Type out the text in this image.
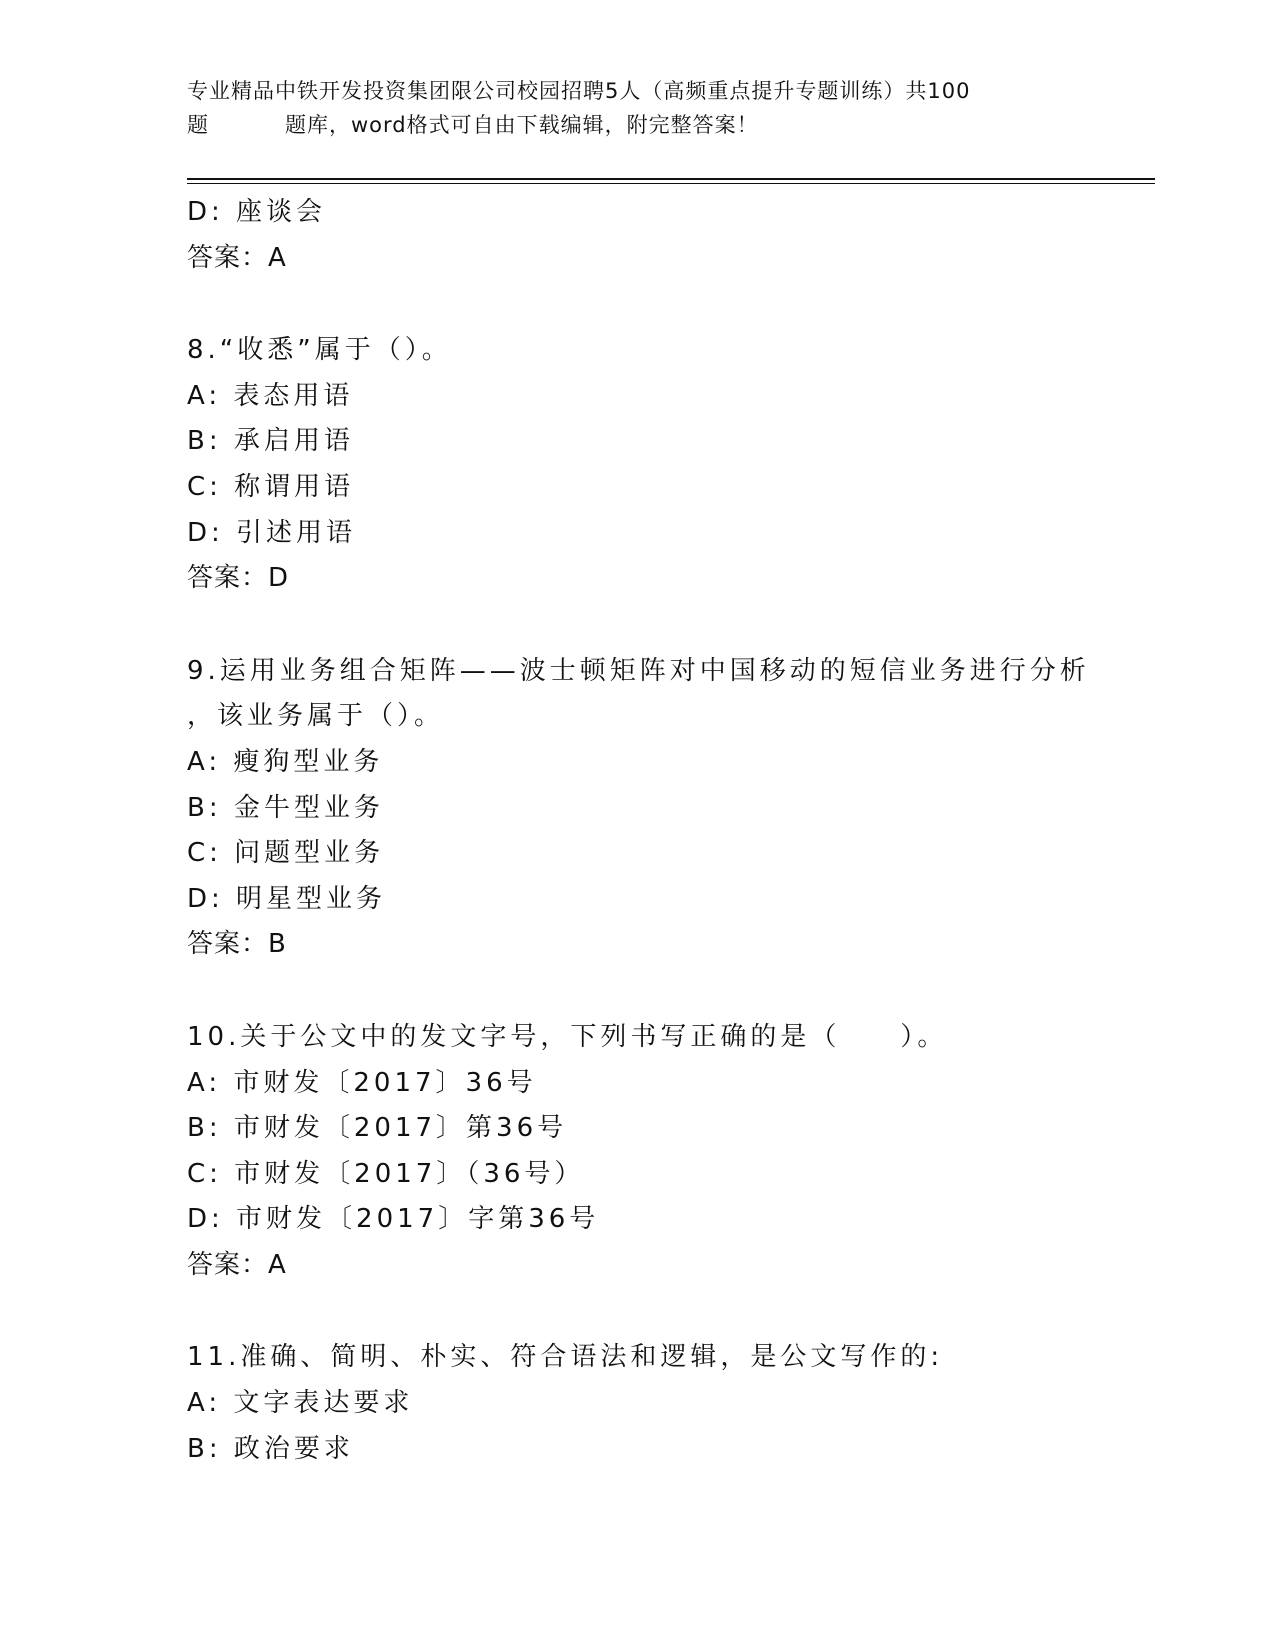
专业精品中铁开发投资集团限公司校园招聘5人（高频重点提升专题训练）共100
题	题库，word格式可自由下载编辑，附完整答案！
D: 座谈会
答案：A
8.“收悉”属于（）。
A: 表态用语
B: 承启用语
C: 称谓用语
D: 引述用语
答案：D
9.运用业务组合矩阵——波士顿矩阵对中国移动的短信业务进行分析
，该业务属于（）。
A: 瘦狗型业务
B: 金牛型业务
C: 问题型业务
D: 明星型业务
答案：B
10.关于公文中的发文字号，下列书写正确的是（　　）。
A: 市财发〔2017〕36号
B: 市财发〔2017〕第36号
C: 市财发〔2017〕（36号）
D: 市财发〔2017〕字第36号
答案：A
11.准确、简明、朴实、符合语法和逻辑，是公文写作的:
A: 文字表达要求
B: 政治要求
